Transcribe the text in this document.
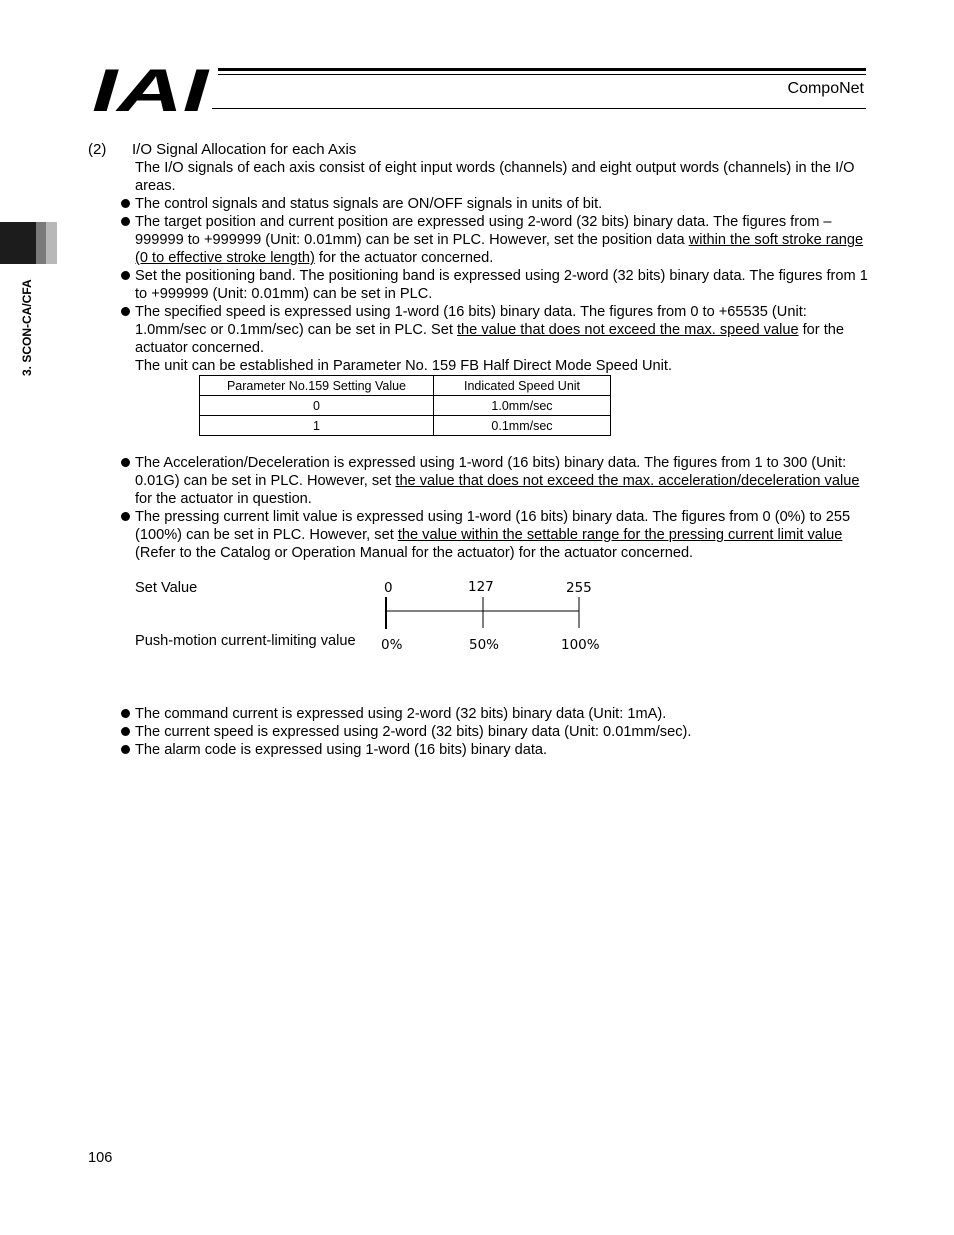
IAI	CompoNet
3. SCON-CA/CFA
(2) I/O Signal Allocation for each Axis
The I/O signals of each axis consist of eight input words (channels) and eight output words (channels) in the I/O areas.
The control signals and status signals are ON/OFF signals in units of bit.
The target position and current position are expressed using 2-word (32 bits) binary data. The figures from –999999 to +999999 (Unit: 0.01mm) can be set in PLC. However, set the position data within the soft stroke range (0 to effective stroke length) for the actuator concerned.
Set the positioning band. The positioning band is expressed using 2-word (32 bits) binary data. The figures from 1 to +999999 (Unit: 0.01mm) can be set in PLC.
The specified speed is expressed using 1-word (16 bits) binary data. The figures from 0 to +65535 (Unit: 1.0mm/sec or 0.1mm/sec) can be set in PLC. Set the value that does not exceed the max. speed value for the actuator concerned.
The unit can be established in Parameter No. 159 FB Half Direct Mode Speed Unit.
Parameter No.159 Setting Value	Indicated Speed Unit
0	1.0mm/sec
1	0.1mm/sec
The Acceleration/Deceleration is expressed using 1-word (16 bits) binary data. The figures from 1 to 300 (Unit: 0.01G) can be set in PLC. However, set the value that does not exceed the max. acceleration/deceleration value for the actuator in question.
The pressing current limit value is expressed using 1-word (16 bits) binary data. The figures from 0 (0%) to 255 (100%) can be set in PLC. However, set the value within the settable range for the pressing current limit value (Refer to the Catalog or Operation Manual for the actuator) for the actuator concerned.
Set Value
Push-motion current-limiting value
0	127	255
0%	50%	100%
The command current is expressed using 2-word (32 bits) binary data (Unit: 1mA).
The current speed is expressed using 2-word (32 bits) binary data (Unit: 0.01mm/sec).
The alarm code is expressed using 1-word (16 bits) binary data.
106
